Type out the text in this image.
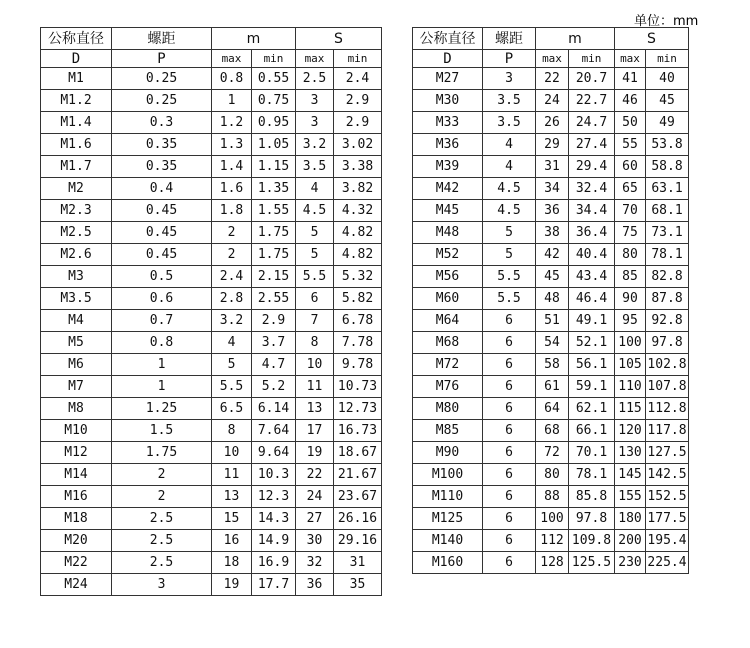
单位：mm
公称直径	螺距	m		S	
D	P	max	min	max	min
M1	0.25	0.8	0.55	2.5	2.4
M1.2	0.25	1	0.75	3	2.9
M1.4	0.3	1.2	0.95	3	2.9
M1.6	0.35	1.3	1.05	3.2	3.02
M1.7	0.35	1.4	1.15	3.5	3.38
M2	0.4	1.6	1.35	4	3.82
M2.3	0.45	1.8	1.55	4.5	4.32
M2.5	0.45	2	1.75	5	4.82
M2.6	0.45	2	1.75	5	4.82
M3	0.5	2.4	2.15	5.5	5.32
M3.5	0.6	2.8	2.55	6	5.82
M4	0.7	3.2	2.9	7	6.78
M5	0.8	4	3.7	8	7.78
M6	1	5	4.7	10	9.78
M7	1	5.5	5.2	11	10.73
M8	1.25	6.5	6.14	13	12.73
M10	1.5	8	7.64	17	16.73
M12	1.75	10	9.64	19	18.67
M14	2	11	10.3	22	21.67
M16	2	13	12.3	24	23.67
M18	2.5	15	14.3	27	26.16
M20	2.5	16	14.9	30	29.16
M22	2.5	18	16.9	32	31
M24	3	19	17.7	36	35
公称直径	螺距	m		S	
D	P	max	min	max	min
M27	3	22	20.7	41	40
M30	3.5	24	22.7	46	45
M33	3.5	26	24.7	50	49
M36	4	29	27.4	55	53.8
M39	4	31	29.4	60	58.8
M42	4.5	34	32.4	65	63.1
M45	4.5	36	34.4	70	68.1
M48	5	38	36.4	75	73.1
M52	5	42	40.4	80	78.1
M56	5.5	45	43.4	85	82.8
M60	5.5	48	46.4	90	87.8
M64	6	51	49.1	95	92.8
M68	6	54	52.1	100	97.8
M72	6	58	56.1	105	102.8
M76	6	61	59.1	110	107.8
M80	6	64	62.1	115	112.8
M85	6	68	66.1	120	117.8
M90	6	72	70.1	130	127.5
M100	6	80	78.1	145	142.5
M110	6	88	85.8	155	152.5
M125	6	100	97.8	180	177.5
M140	6	112	109.8	200	195.4
M160	6	128	125.5	230	225.4
